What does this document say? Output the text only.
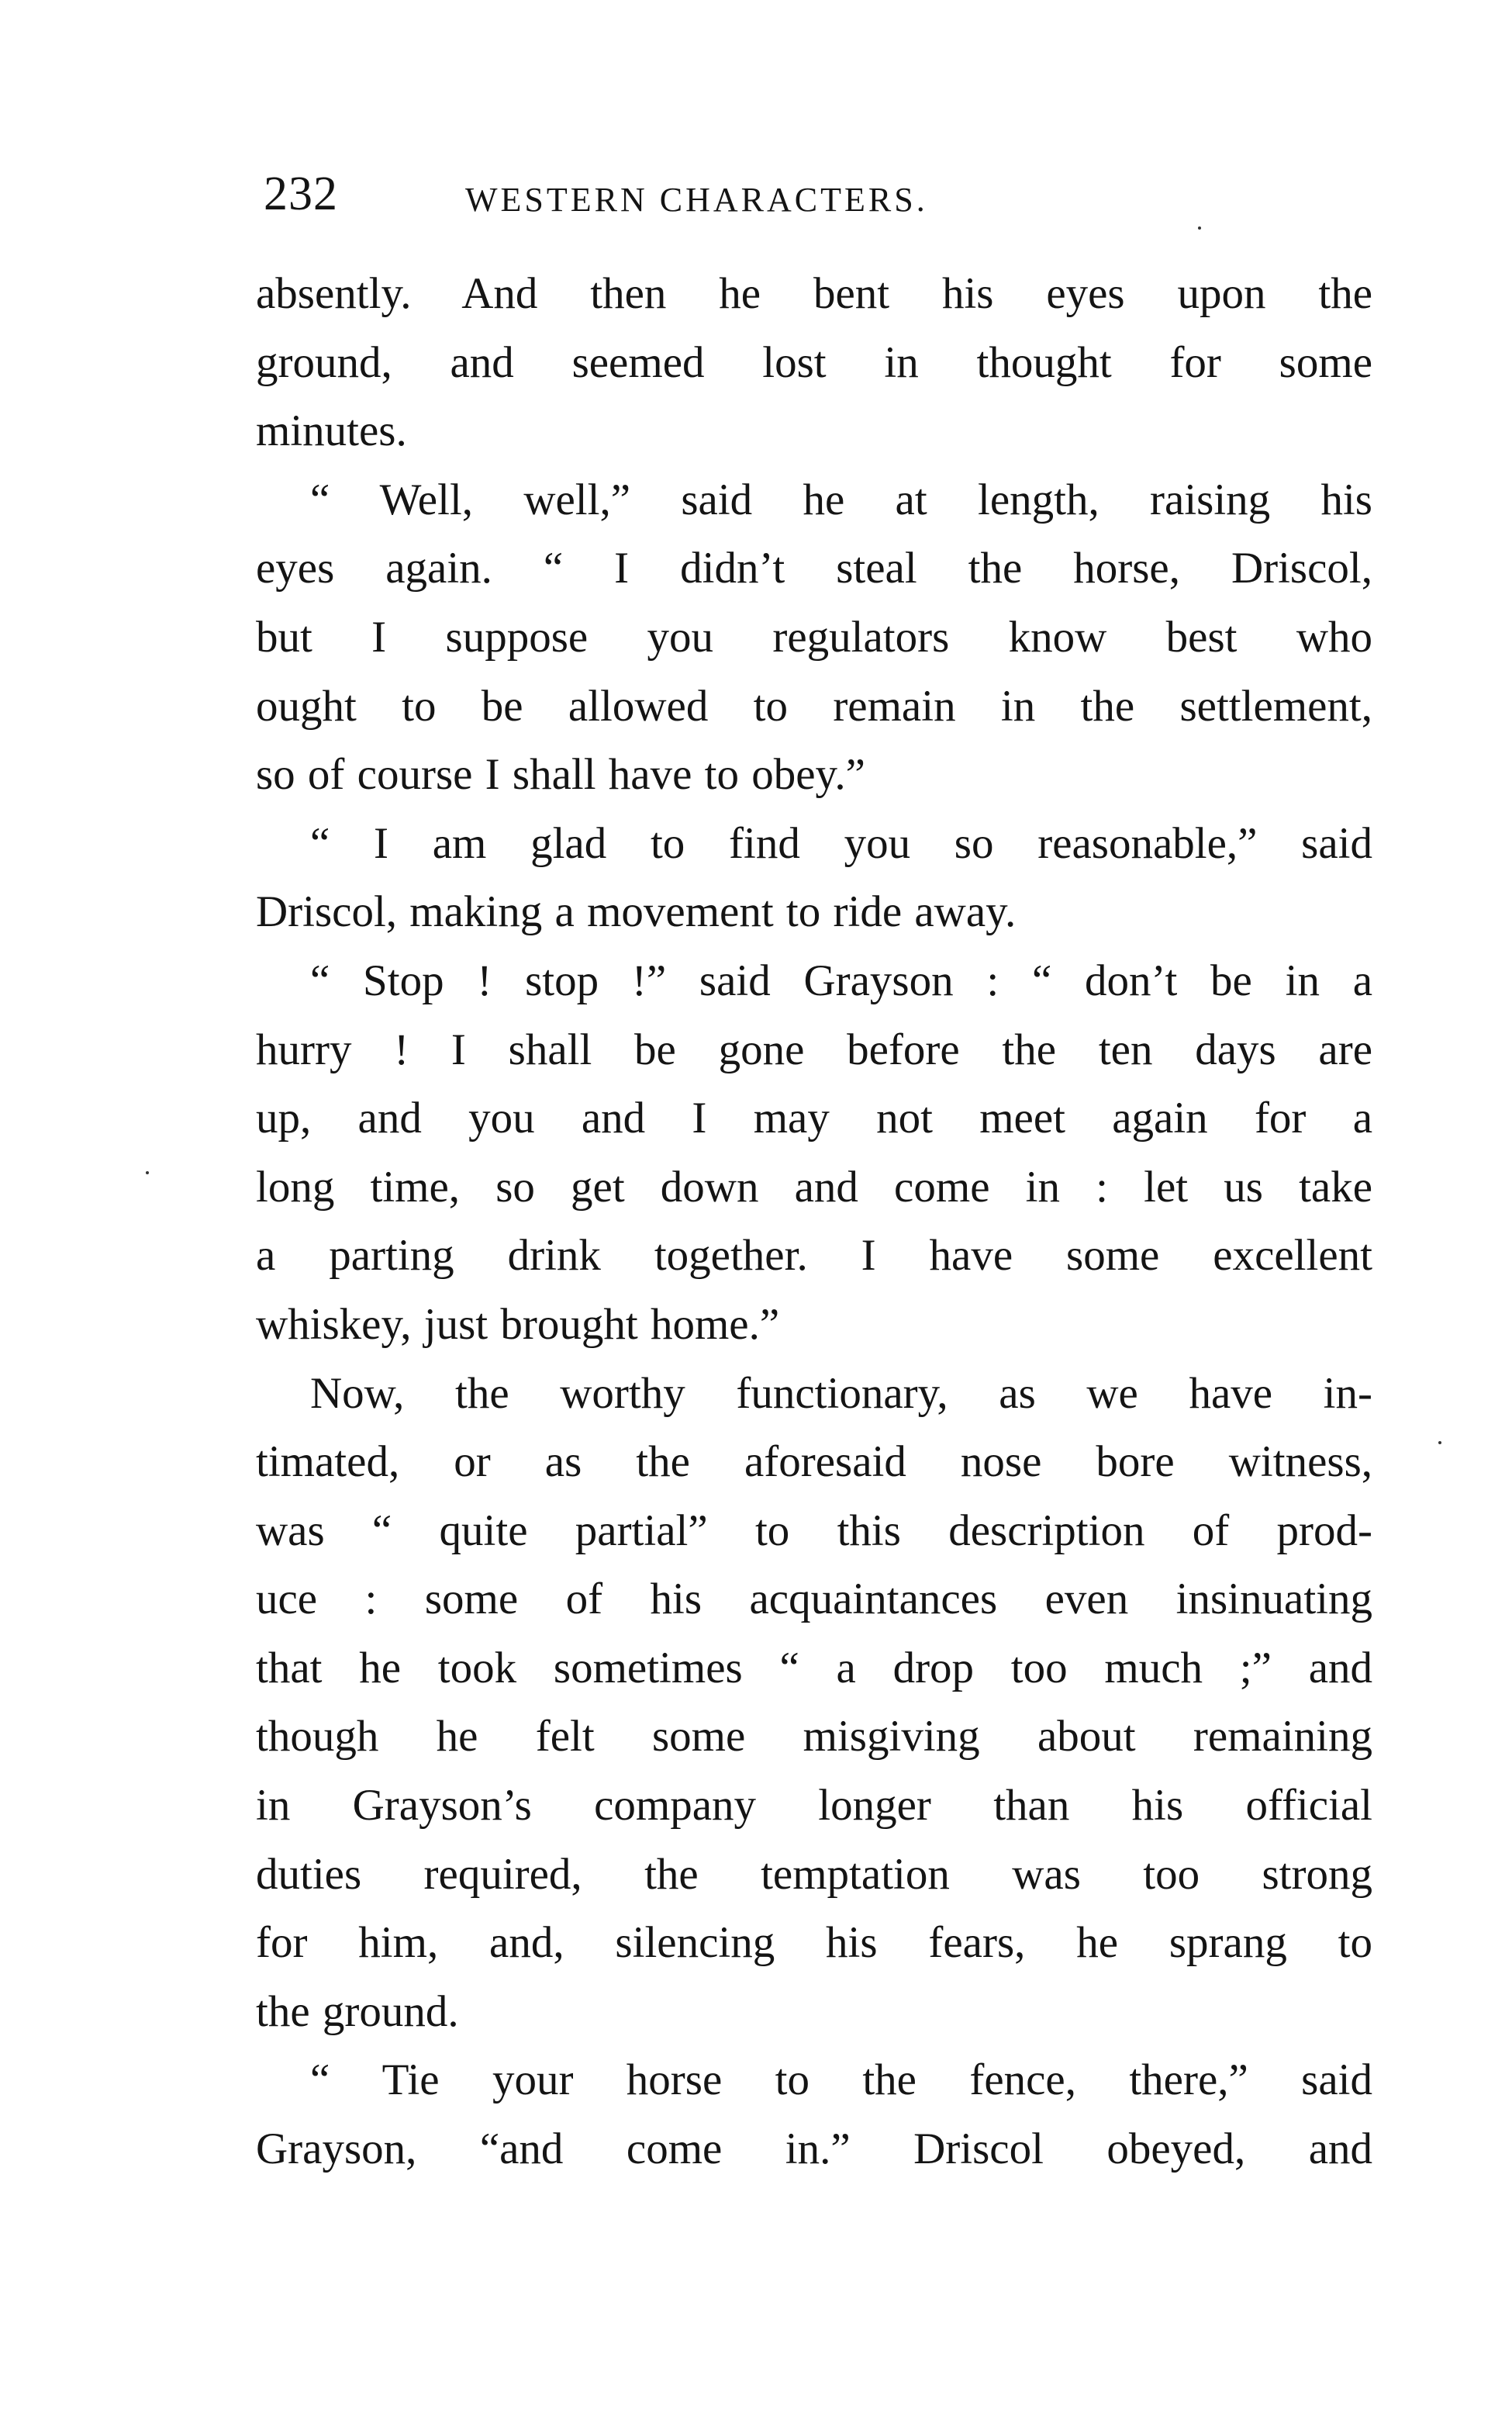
232	WESTERN CHARACTERS.
absently. And then he bent his eyes upon the
ground, and seemed lost in thought for some
minutes.
“ Well, well,” said he at length, raising his
eyes again. “ I didn’t steal the horse, Driscol,
but I suppose you regulators know best who
ought to be allowed to remain in the settlement,
so of course I shall have to obey.”
“ I am glad to find you so reasonable,” said
Driscol, making a movement to ride away.
“ Stop ! stop !” said Grayson : “ don’t be in a
hurry ! I shall be gone before the ten days are
up, and you and I may not meet again for a
long time, so get down and come in : let us take
a parting drink together. I have some excellent
whiskey, just brought home.”
Now, the worthy functionary, as we have in-
timated, or as the aforesaid nose bore witness,
was “ quite partial” to this description of prod-
uce : some of his acquaintances even insinuating
that he took sometimes “ a drop too much ;” and
though he felt some misgiving about remaining
in Grayson’s company longer than his official
duties required, the temptation was too strong
for him, and, silencing his fears, he sprang to
the ground.
“ Tie your horse to the fence, there,” said
Grayson, “and come in.” Driscol obeyed, and
